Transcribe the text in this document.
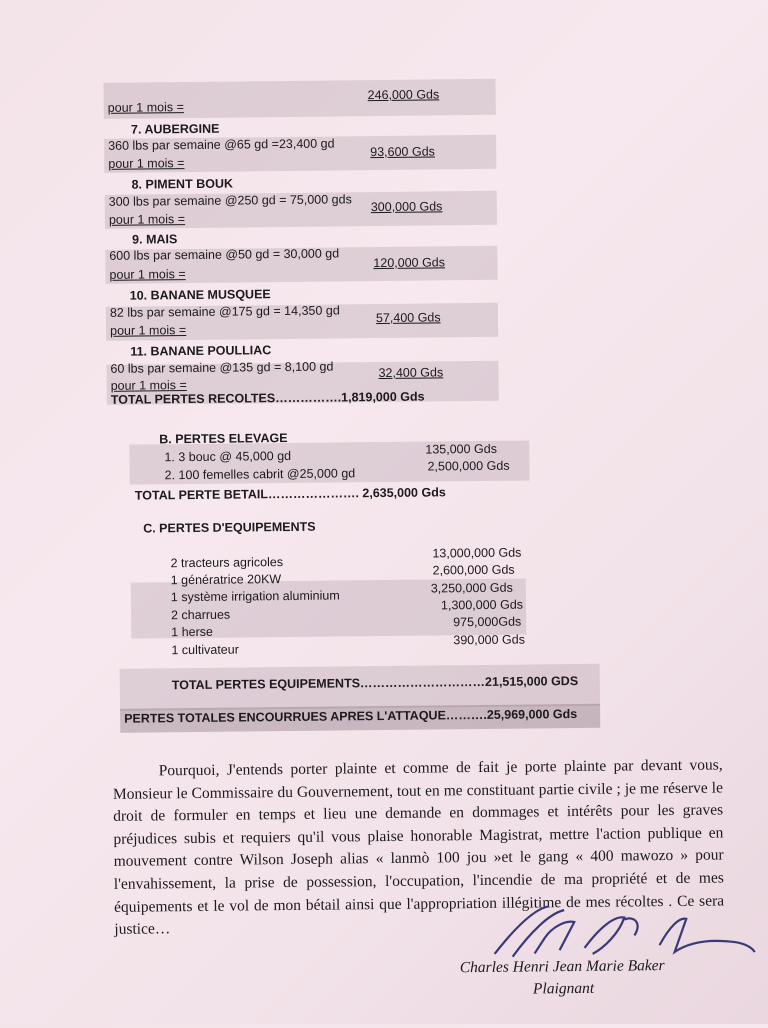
pour 1 mois =
246,000 Gds
7. AUBERGINE
360 lbs par semaine @65 gd =23,400 gd
pour 1 mois =
93,600 Gds
8. PIMENT BOUK
300 lbs par semaine @250 gd = 75,000 gds
pour 1 mois =
300,000 Gds
9. MAIS
600 lbs par semaine @50 gd = 30,000 gd
pour 1 mois =
120,000 Gds
10. BANANE MUSQUEE
82 lbs par semaine @175 gd = 14,350 gd
pour 1 mois =
57,400 Gds
11. BANANE POULLIAC
60 lbs par semaine @135 gd = 8,100 gd
pour 1 mois =
32,400 Gds
TOTAL PERTES RECOLTES…………….1,819,000 Gds
B. PERTES ELEVAGE
1. 3 bouc @ 45,000 gd	135,000 Gds
2. 100 femelles cabrit @25,000 gd
2,500,000 Gds
TOTAL PERTE BETAIL…………………. 2,635,000 Gds
C. PERTES D'EQUIPEMENTS
2 tracteurs agricoles
13,000,000 Gds
1 génératrice 20KW
2,600,000 Gds
1 système irrigation aluminium
3,250,000 Gds
2 charrues
1,300,000 Gds
1 herse
975,000Gds
1 cultivateur
390,000 Gds
TOTAL PERTES EQUIPEMENTS…………………………21,515,000 GDS
PERTES TOTALES ENCOURRUES APRES L'ATTAQUE……….25,969,000 Gds
Pourquoi, J'entends porter plainte et comme de fait je porte plainte par devant vous, Monsieur le Commissaire du Gouvernement, tout en me constituant partie civile ; je me réserve le droit de formuler en temps et lieu une demande en dommages et intérêts pour les graves préjudices subis et requiers qu'il vous plaise honorable Magistrat, mettre l'action publique en mouvement contre Wilson Joseph alias « lanmò 100 jou »et le gang « 400 mawozo » pour l'envahissement, la prise de possession, l'occupation, l'incendie de ma propriété et de mes équipements et le vol de mon bétail ainsi que l'appropriation illégitime de mes récoltes . Ce sera justice…
Charles Henri Jean Marie Baker
Plaignant
